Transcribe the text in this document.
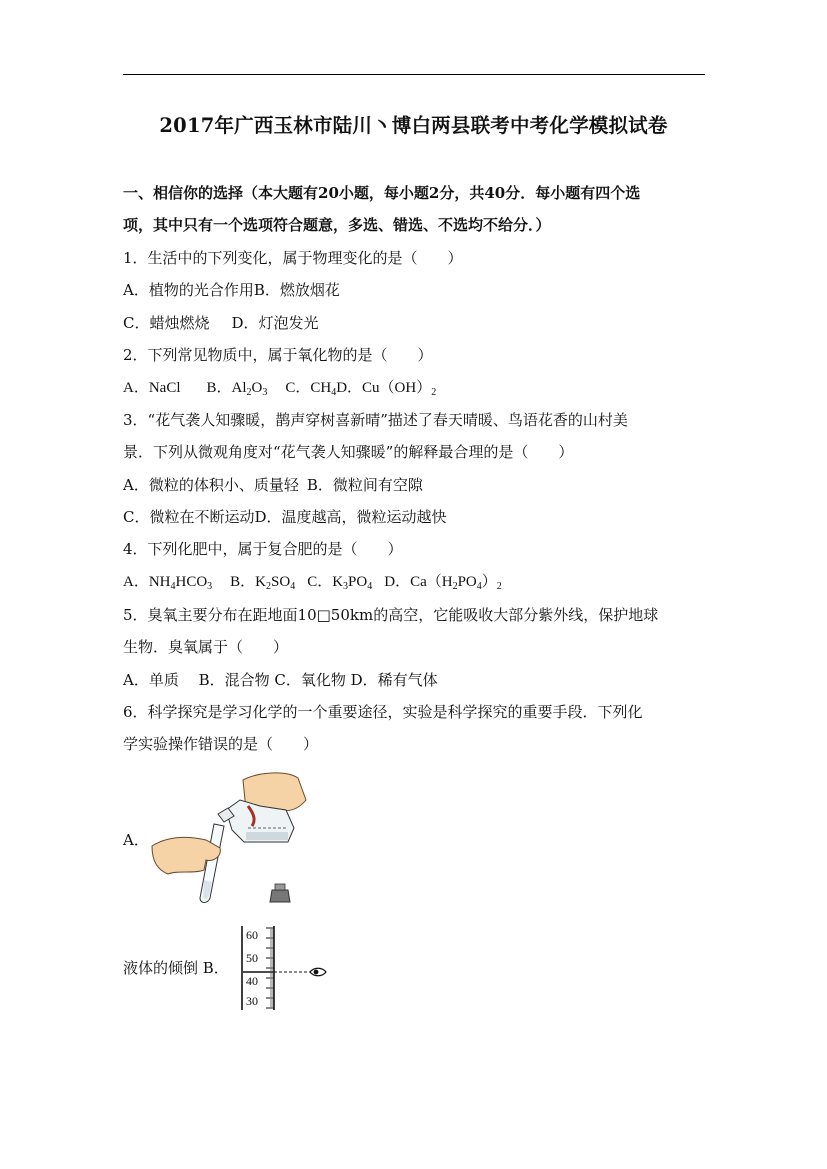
2017年广西玉林市陆川丶博白两县联考中考化学模拟试卷
一、相信你的选择（本大题有20小题，每小题2分，共40分．每小题有四个选
项，其中只有一个选项符合题意，多选、错选、不选均不给分．）
1．生活中的下列变化，属于物理变化的是（　　）
A．植物的光合作用B．燃放烟花
C．蜡烛燃烧 D．灯泡发光
2．下列常见物质中，属于氧化物的是（　　）
A．NaCl B．$Al_2O_3$ C．$CH_4D$．$Cu(OH)_2$
3．“花气袭人知骤暖，鹊声穿树喜新晴”描述了春天晴暖、鸟语花香的山村美
景．下列从微观角度对“花气袭人知骤暖”的解释最合理的是（　　）
A．微粒的体积小、质量轻 B．微粒间有空隙
C．微粒在不断运动D．温度越高，微粒运动越快
4．下列化肥中，属于复合肥的是（　　）
A．$NH_4HCO_3$ B．$K_2SO_4$ C．$K_3PO_4$ D．$Ca(H_2PO_4)_2$
5．臭氧主要分布在距地面10□50km的高空，它能吸收大部分紫外线，保护地球
生物．臭氧属于（　　）
A．单质　 B．混合物 C．氧化物 D．稀有气体
6．科学探究是学习化学的一个重要途径，实验是科学探究的重要手段．下列化
学实验操作错误的是（　　）
A．
液体的倾倒 B．
60
50
40
30
